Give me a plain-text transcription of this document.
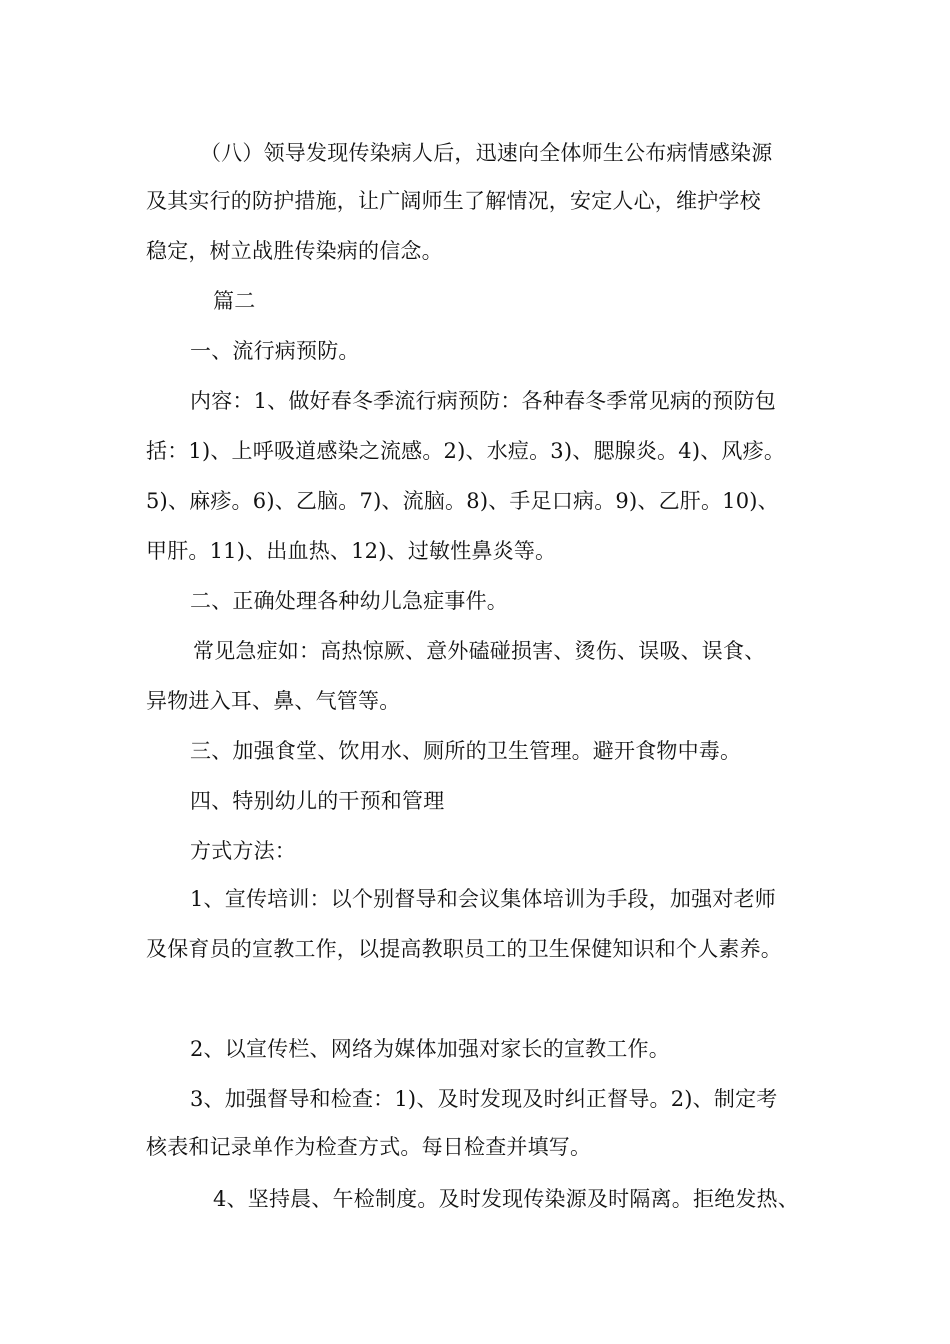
（八）领导发现传染病人后，迅速向全体师生公布病情感染源
及其实行的防护措施，让广阔师生了解情况，安定人心，维护学校
稳定，树立战胜传染病的信念。
篇二
一、流行病预防。
内容：1、做好春冬季流行病预防：各种春冬季常见病的预防包
括：1)、上呼吸道感染之流感。2)、水痘。3)、腮腺炎。4)、风疹。
5)、麻疹。6)、乙脑。7)、流脑。8)、手足口病。9)、乙肝。10)、
甲肝。11)、出血热、12)、过敏性鼻炎等。
二、正确处理各种幼儿急症事件。
常见急症如：高热惊厥、意外磕碰损害、烫伤、误吸、误食、
异物进入耳、鼻、气管等。
三、加强食堂、饮用水、厕所的卫生管理。避开食物中毒。
四、特别幼儿的干预和管理
方式方法：
1、宣传培训：以个别督导和会议集体培训为手段，加强对老师
及保育员的宣教工作，以提高教职员工的卫生保健知识和个人素养。
2、以宣传栏、网络为媒体加强对家长的宣教工作。
3、加强督导和检查：1)、及时发现及时纠正督导。2)、制定考
核表和记录单作为检查方式。每日检查并填写。
4、坚持晨、午检制度。及时发现传染源及时隔离。拒绝发热、
